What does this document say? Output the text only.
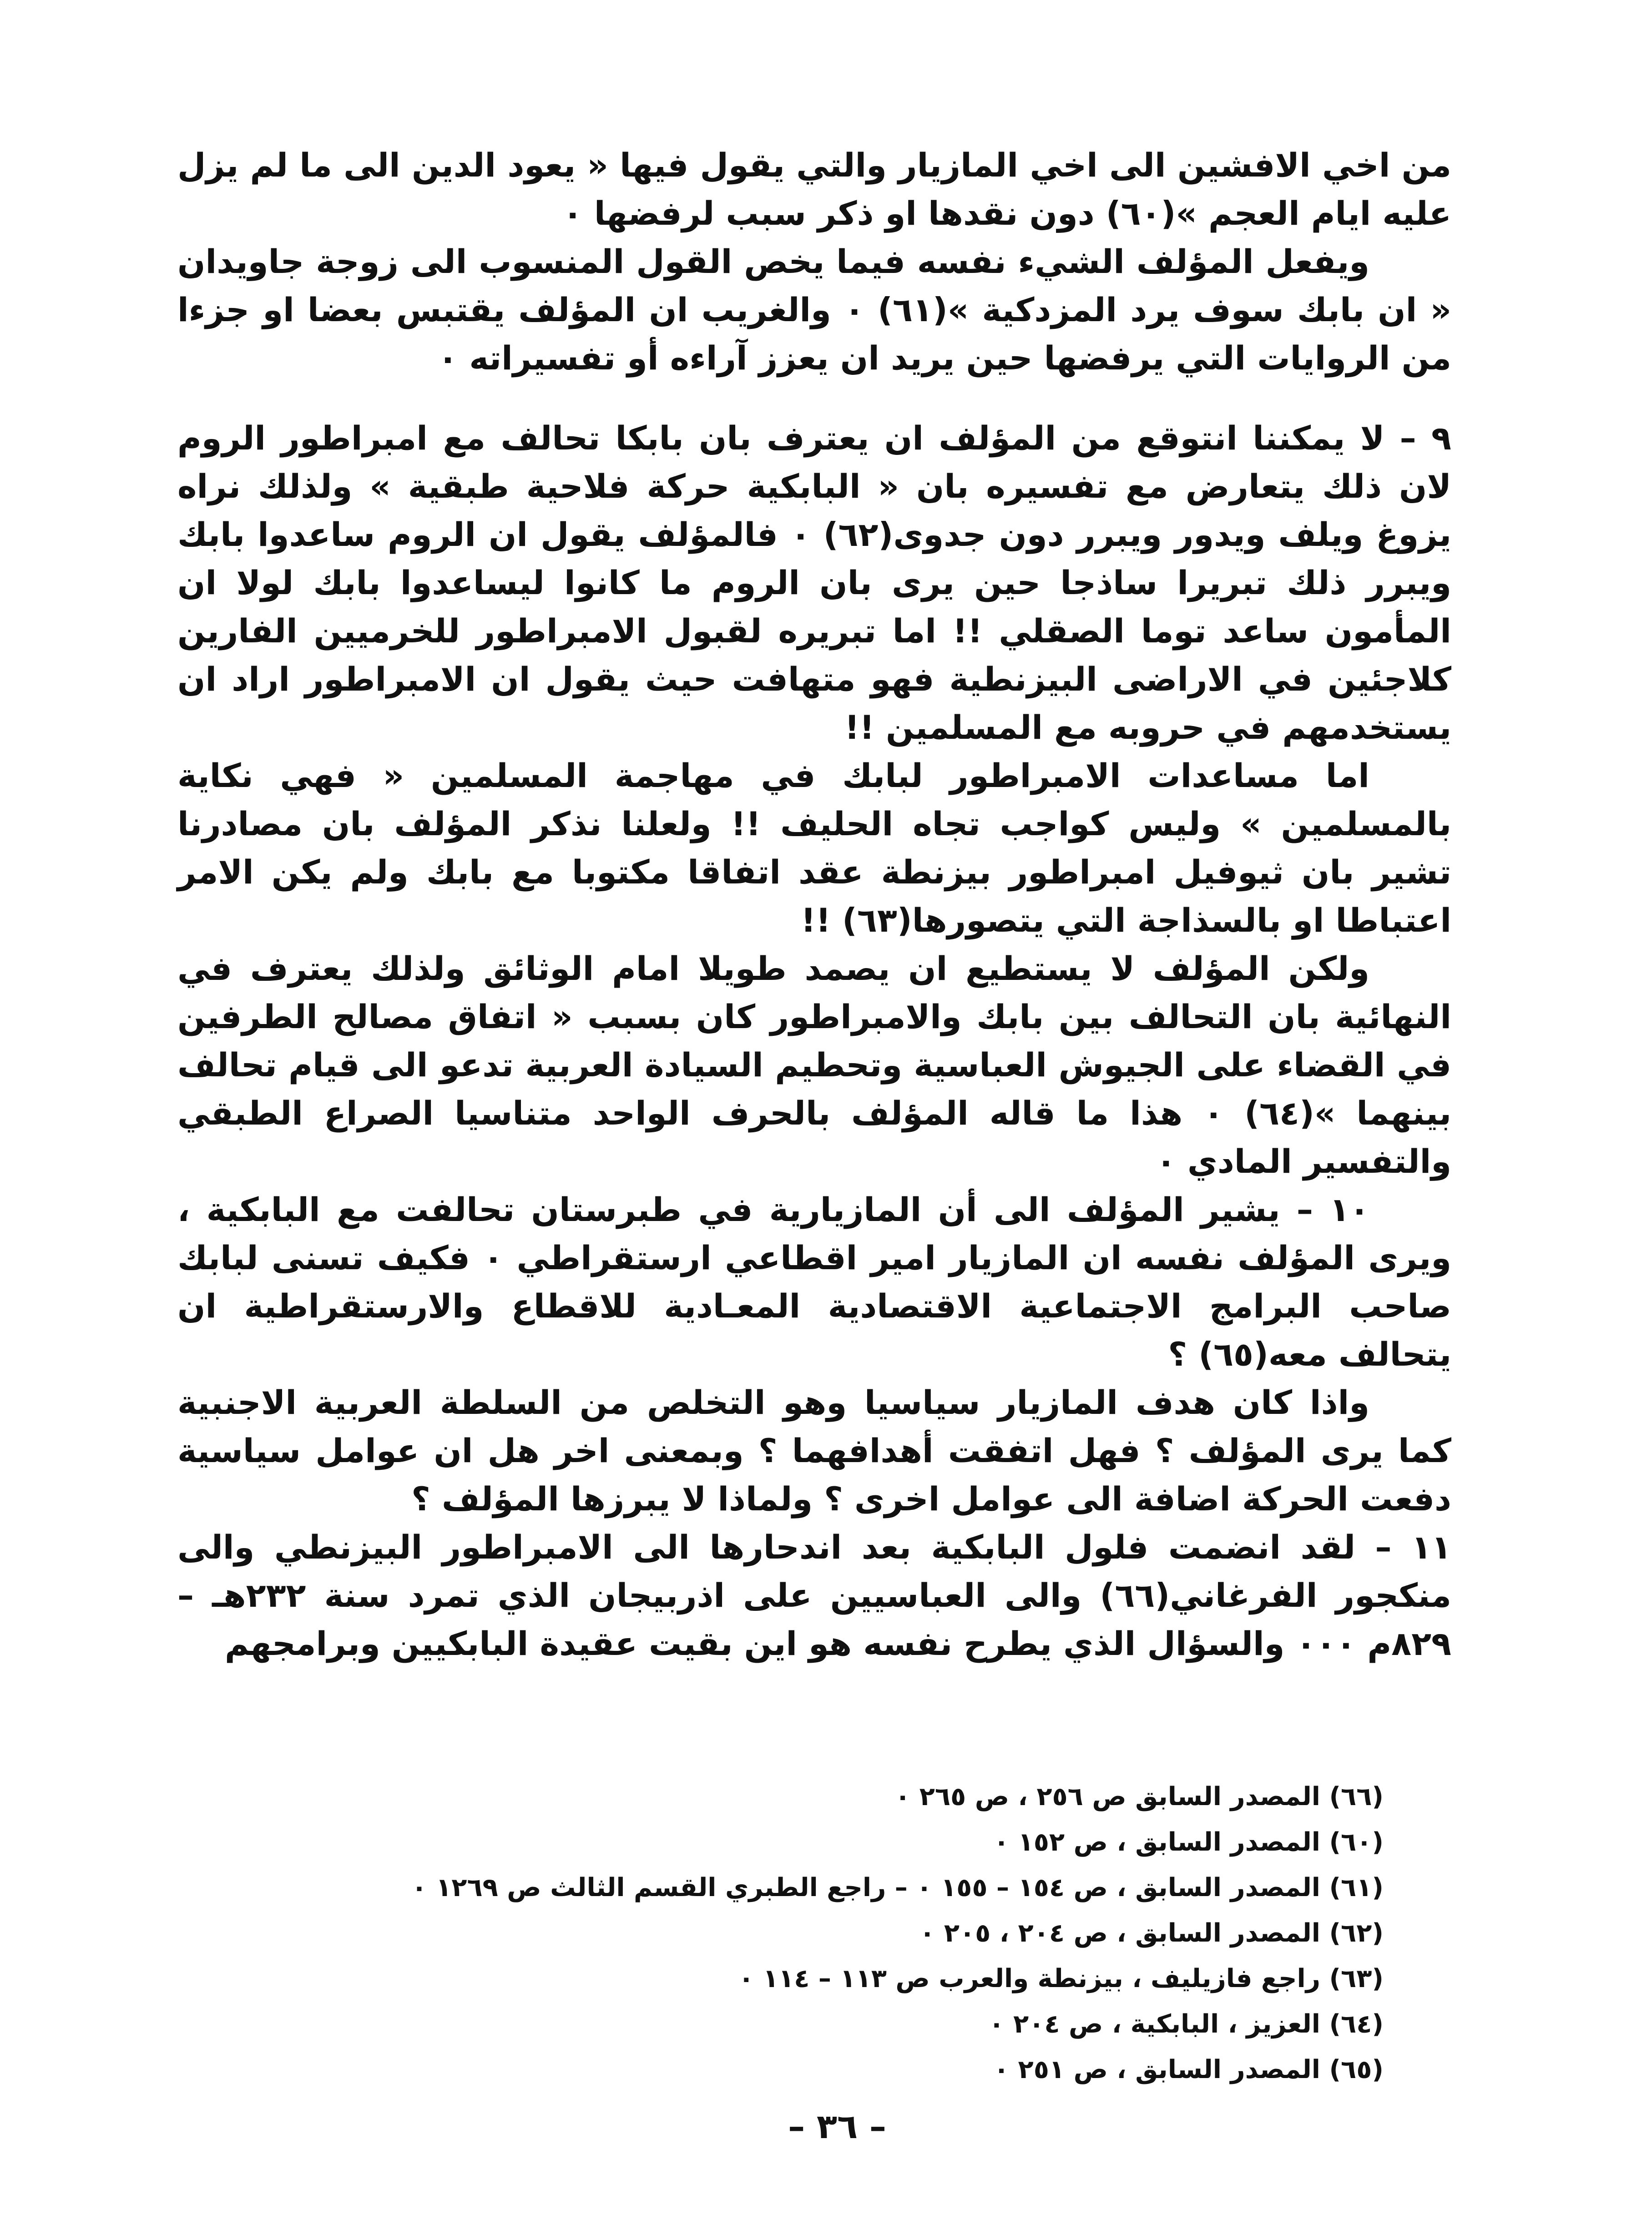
من اخي الافشين الى اخي المازيار والتي يقول فيها « يعود الدين الى ما لم يزل عليه ايام العجم »(٦٠) دون نقدها او ذكر سبب لرفضها ٠

ويفعل المؤلف الشيء نفسه فيما يخص القول المنسوب الى زوجة جاويدان « ان بابك سوف يرد المزدكية »(٦١) ٠ والغريب ان المؤلف يقتبس بعضا او جزءا من الروايات التي يرفضها حين يريد ان يعزز آراءه أو تفسيراته ٠

٩ – لا يمكننا انتوقع من المؤلف ان يعترف بان بابكا تحالف مع امبراطور الروم لان ذلك يتعارض مع تفسيره بان « البابكية حركة فلاحية طبقية » ولذلك نراه يزوغ ويلف ويدور ويبرر دون جدوى(٦٢) ٠ فالمؤلف يقول ان الروم ساعدوا بابك ويبرر ذلك تبريرا ساذجا حين يرى بان الروم ما كانوا ليساعدوا بابك لولا ان المأمون ساعد توما الصقلي !! اما تبريره لقبول الامبراطور للخرميين الفارين كلاجئين في الاراضى البيزنطية فهو متهافت حيث يقول ان الامبراطور اراد ان يستخدمهم في حروبه مع المسلمين !!

اما مساعدات الامبراطور لبابك في مهاجمة المسلمين « فهي نكاية بالمسلمين » وليس كواجب تجاه الحليف !! ولعلنا نذكر المؤلف بان مصادرنا تشير بان ثيوفيل امبراطور بيزنطة عقد اتفاقا مكتوبا مع بابك ولم يكن الامر اعتباطا او بالسذاجة التي يتصورها(٦٣) !!

ولكن المؤلف لا يستطيع ان يصمد طويلا امام الوثائق ولذلك يعترف في النهائية بان التحالف بين بابك والامبراطور كان بسبب « اتفاق مصالح الطرفين في القضاء على الجيوش العباسية وتحطيم السيادة العربية تدعو الى قيام تحالف بينهما »(٦٤) ٠ هذا ما قاله المؤلف بالحرف الواحد متناسيا الصراع الطبقي والتفسير المادي ٠

١٠ – يشير المؤلف الى أن المازيارية في طبرستان تحالفت مع البابكية ، ويرى المؤلف نفسه ان المازيار امير اقطاعي ارستقراطي ٠ فكيف تسنى لبابك صاحب البرامج الاجتماعية الاقتصادية المعـادية للاقطاع والارستقراطية ان يتحالف معه(٦٥) ؟

واذا كان هدف المازيار سياسيا وهو التخلص من السلطة العربية الاجنبية كما يرى المؤلف ؟ فهل اتفقت أهدافهما ؟ وبمعنى اخر هل ان عوامل سياسية دفعت الحركة اضافة الى عوامل اخرى ؟ ولماذا لا يبرزها المؤلف ؟

١١ – لقد انضمت فلول البابكية بعد اندحارها الى الامبراطور البيزنطي والى منكجور الفرغاني(٦٦) والى العباسيين على اذربيجان الذي تمرد سنة ٢٣٢هـ – ٨٢٩م ٠٠٠ والسؤال الذي يطرح نفسه هو اين بقيت عقيدة البابكيين وبرامجهم

(٦٦) المصدر السابق ص ٢٥٦ ، ص ٢٦٥ ٠
(٦٠) المصدر السابق ، ص ١٥٢ ٠
(٦١) المصدر السابق ، ص ١٥٤ – ١٥٥ ٠ – راجع الطبري القسم الثالث ص ١٢٦٩ ٠
(٦٢) المصدر السابق ، ص ٢٠٤ ، ٢٠٥ ٠
(٦٣) راجع فازيليف ، بيزنطة والعرب ص ١١٣ – ١١٤ ٠
(٦٤) العزيز ، البابكية ، ص ٢٠٤ ٠
(٦٥) المصدر السابق ، ص ٢٥١ ٠
– ٣٦ –
